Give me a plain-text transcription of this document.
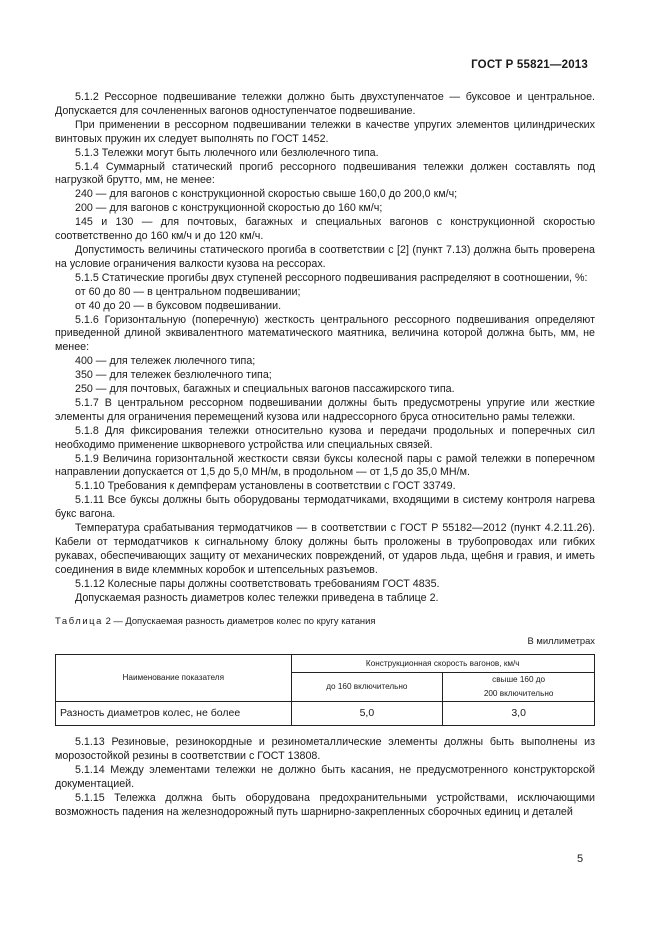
ГОСТ Р 55821—2013

5.1.2 Рессорное подвешивание тележки должно быть двухступенчатое — буксовое и центральное. Допускается для сочлененных вагонов одноступенчатое подвешивание.

При применении в рессорном подвешивании тележки в качестве упругих элементов цилиндрических винтовых пружин их следует выполнять по ГОСТ 1452.

5.1.3 Тележки могут быть люлечного или безлюлечного типа.

5.1.4 Суммарный статический прогиб рессорного подвешивания тележки должен составлять под нагрузкой брутто, мм, не менее:

240 — для вагонов с конструкционной скоростью свыше 160,0 до 200,0 км/ч;

200 — для вагонов с конструкционной скоростью до 160 км/ч;

145 и 130 — для почтовых, багажных и специальных вагонов с конструкционной скоростью соответственно до 160 км/ч и до 120 км/ч.

Допустимость величины статического прогиба в соответствии с [2] (пункт 7.13) должна быть проверена на условие ограничения валкости кузова на рессорах.

5.1.5 Статические прогибы двух ступеней рессорного подвешивания распределяют в соотношении, %:

от 60 до 80 — в центральном подвешивании;

от 40 до 20 — в буксовом подвешивании.

5.1.6 Горизонтальную (поперечную) жесткость центрального рессорного подвешивания определяют приведенной длиной эквивалентного математического маятника, величина которой должна быть, мм, не менее:

400 — для тележек люлечного типа;

350 — для тележек безлюлечного типа;

250 — для почтовых, багажных и специальных вагонов пассажирского типа.

5.1.7 В центральном рессорном подвешивании должны быть предусмотрены упругие или жесткие элементы для ограничения перемещений кузова или надрессорного бруса относительно рамы тележки.

5.1.8 Для фиксирования тележки относительно кузова и передачи продольных и поперечных сил необходимо применение шкворневого устройства или специальных связей.

5.1.9 Величина горизонтальной жесткости связи буксы колесной пары с рамой тележки в поперечном направлении допускается от 1,5 до 5,0 МН/м, в продольном — от 1,5 до 35,0 МН/м.

5.1.10 Требования к демпферам установлены в соответствии с ГОСТ 33749.

5.1.11 Все буксы должны быть оборудованы термодатчиками, входящими в систему контроля нагрева букс вагона.

Температура срабатывания термодатчиков — в соответствии с ГОСТ Р 55182—2012 (пункт 4.2.11.26). Кабели от термодатчиков к сигнальному блоку должны быть проложены в трубопроводах или гибких рукавах, обеспечивающих защиту от механических повреждений, от ударов льда, щебня и гравия, и иметь соединения в виде клеммных коробок и штепсельных разъемов.

5.1.12 Колесные пары должны соответствовать требованиям ГОСТ 4835.

Допускаемая разность диаметров колес тележки приведена в таблице 2.

Таблица 2 — Допускаемая разность диаметров колес по кругу катания
В миллиметрах
Наименование показателя	Конструкционная скорость вагонов, км/ч	
	до 160 включительно	свыше 160 до
200 включительно
Разность диаметров колес, не более	5,0	3,0

5.1.13 Резиновые, резинокордные и резинометаллические элементы должны быть выполнены из морозостойкой резины в соответствии с ГОСТ 13808.

5.1.14 Между элементами тележки не должно быть касания, не предусмотренного конструкторской документацией.

5.1.15 Тележка должна быть оборудована предохранительными устройствами, исключающими возможность падения на железнодорожный путь шарнирно-закрепленных сборочных единиц и деталей

5
